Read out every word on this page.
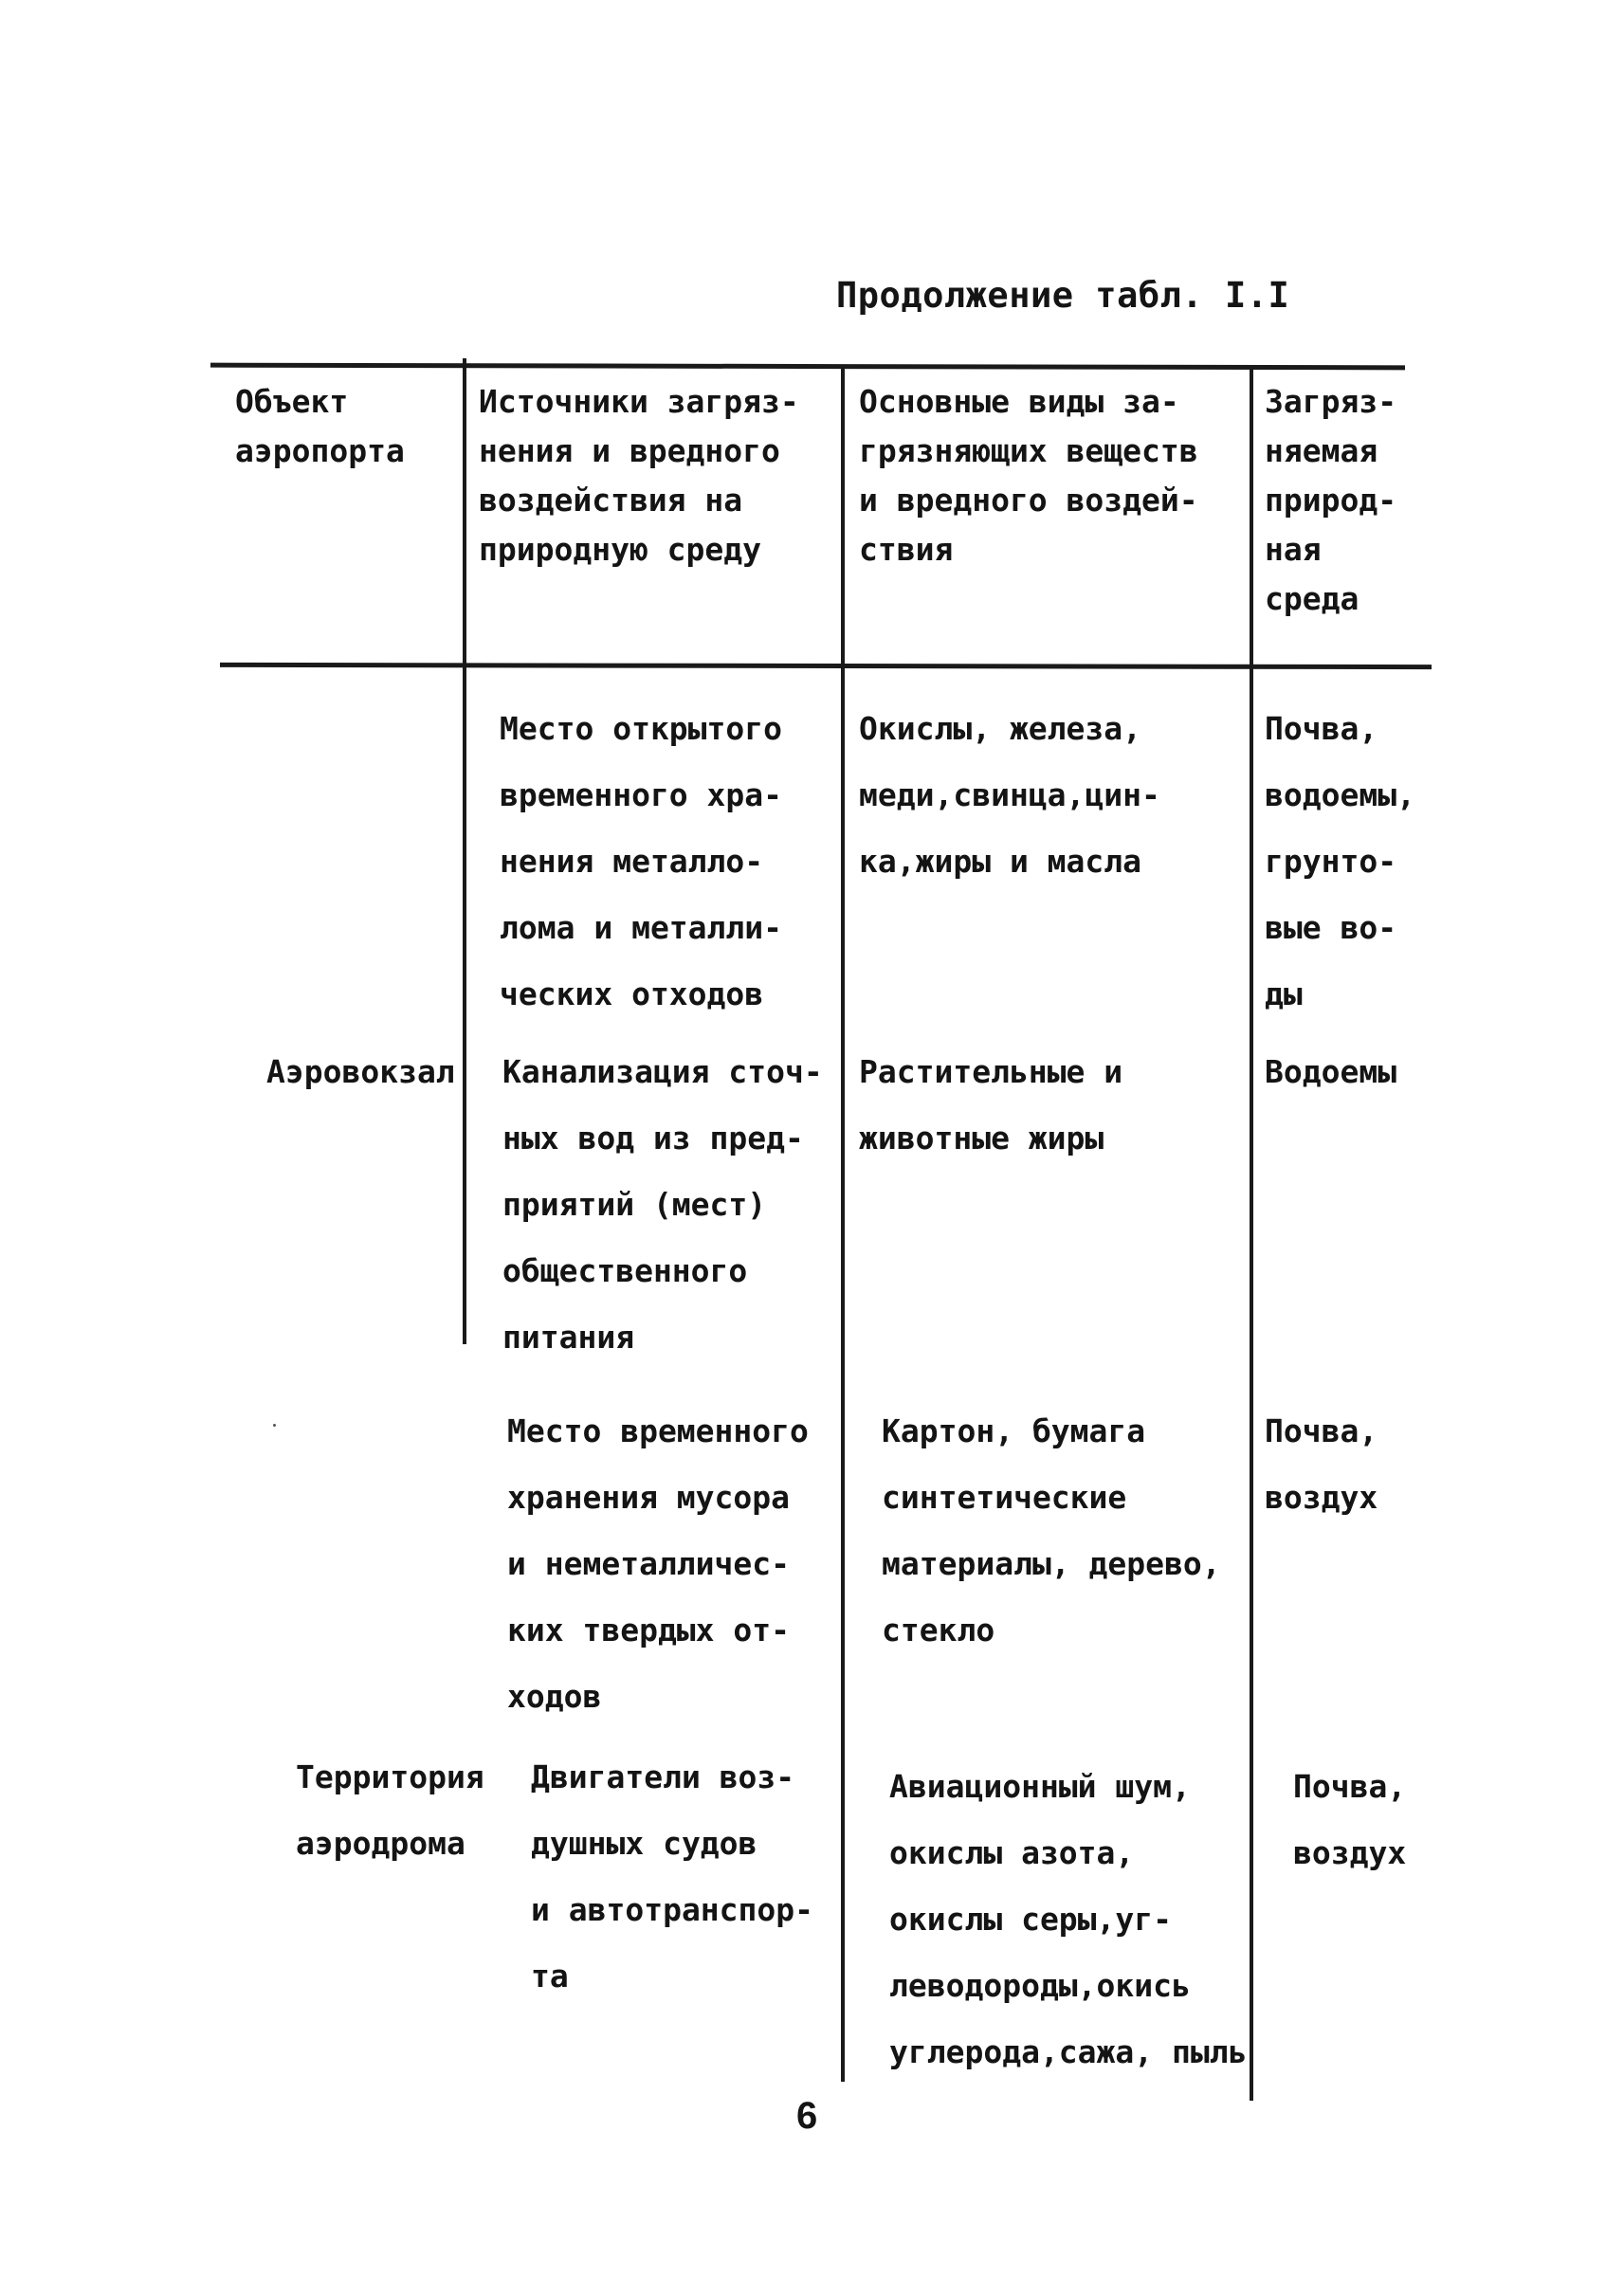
Продолжение табл. I.I
Объект
аэропорта
Источники загряз-
нения и вредного
воздействия на
природную среду
Основные виды за-
грязняющих веществ
и вредного воздей-
ствия
Загряз-
няемая
природ-
ная
среда
Место открытого
временного хра-
нения металло-
лома и металли-
ческих отходов
Окислы, железа,
меди,свинца,цин-
ка,жиры и масла
Почва,
водоемы,
грунто-
вые во-
ды
Аэровокзал Канализация сточ-
ных вод из пред-
приятий (мест)
общественного
питания
Растительные и
животные жиры
Водоемы
Место временного
хранения мусора
и неметалличес-
ких твердых от-
ходов
Картон, бумага
синтетические
материалы, дерево,
стекло
Почва,
воздух
Территория
аэродрома
Двигатели воз-
душных судов
и автотранспор-
та
Авиационный шум,
окислы азота,
окислы серы,уг-
леводороды,окись
углерода,сажа, пыль
Почва,
воздух
6
